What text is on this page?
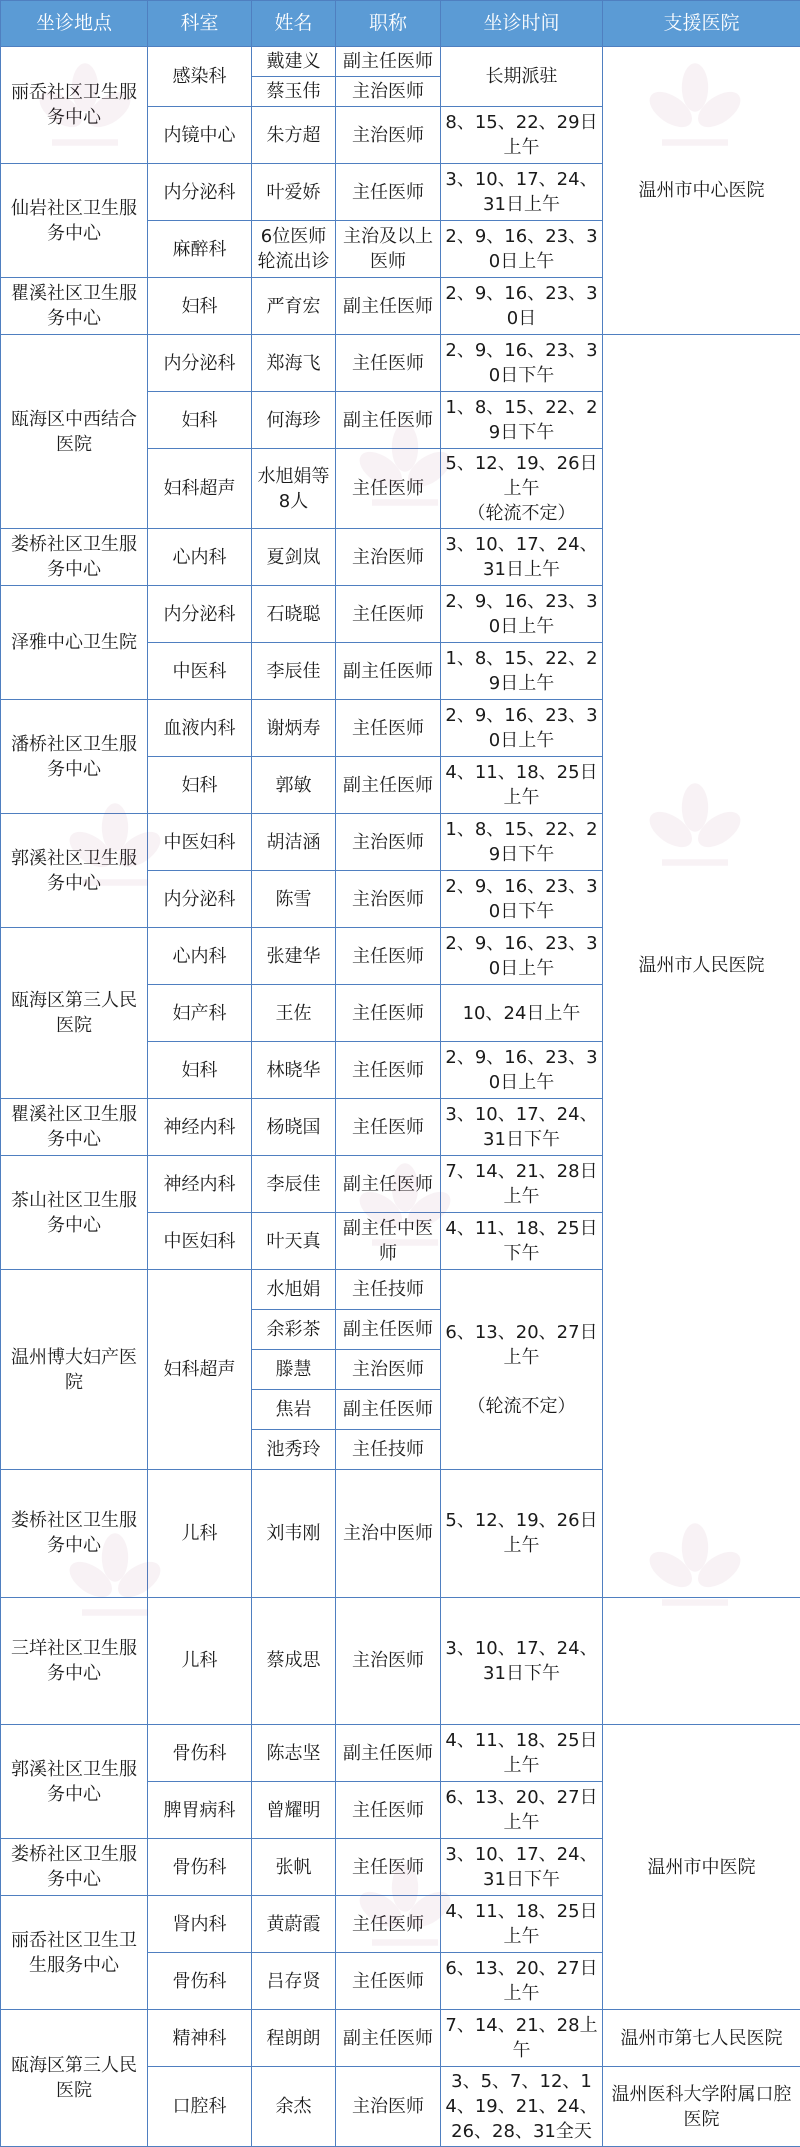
坐诊地点	科室	姓名	职称	坐诊时间	支援医院	
丽岙社区卫生服务中心	感染科	戴建义	副主任医师	长期派驻	温州市中心医院	
		蔡玉伟	主治医师			
	内镜中心	朱方超	主治医师	8、15、22、29日上午		
仙岩社区卫生服务中心	内分泌科	叶爱娇	主任医师	3、10、17、24、31日上午		
	麻醉科	6位医师轮流出诊	主治及以上医师	2、9、16、23、30日上午		
瞿溪社区卫生服务中心	妇科	严育宏	副主任医师	2、9、16、23、30日		
瓯海区中西结合医院	内分泌科	郑海飞	主任医师	2、9、16、23、30日下午	温州市人民医院	
	妇科	何海珍	副主任医师	1、8、15、22、29日下午		
	妇科超声	水旭娟等8人	主任医师	5、12、19、26日上午
（轮流不定）		

娄桥社区卫生服务中心	心内科	夏剑岚	主治医师	3、10、17、24、31日上午		
泽雅中心卫生院	内分泌科	石晓聪	主任医师	2、9、16、23、30日上午		
	中医科	李辰佳	副主任医师	1、8、15、22、29日上午		
潘桥社区卫生服务中心	血液内科	谢炳寿	主任医师	2、9、16、23、30日上午		
	妇科	郭敏	副主任医师	4、11、18、25日上午		
郭溪社区卫生服务中心	中医妇科	胡洁涵	主治医师	1、8、15、22、29日下午		
	内分泌科	陈雪	主治医师	2、9、16、23、30日下午		
瓯海区第三人民医院	心内科	张建华	主任医师	2、9、16、23、30日上午		
	妇产科	王佐	主任医师	10、24日上午		
	妇科	林晓华	主任医师	2、9、16、23、30日上午		
瞿溪社区卫生服务中心	神经内科	杨晓国	主任医师	3、10、17、24、31日下午		
茶山社区卫生服务中心	神经内科	李辰佳	副主任医师	7、14、21、28日上午		
	中医妇科	叶天真	副主任中医师	4、11、18、25日下午		
温州博大妇产医院	妇科超声	水旭娟	主任技师	6、13、20、27日上午
（轮流不定）		

		余彩茶	副主任医师			
		滕慧	主治医师			
		焦岩	副主任医师			
		池秀玲	主任技师			
娄桥社区卫生服务中心	儿科	刘韦刚	主治中医师	5、12、19、26日上午	
三垟社区卫生服务中心	儿科	蔡成思	主治医师	3、10、17、24、31日下午		
郭溪社区卫生服务中心	骨伤科	陈志坚	副主任医师	4、11、18、25日上午	温州市中医院	
	脾胃病科	曾耀明	主任医师	6、13、20、27日上午		
娄桥社区卫生服务中心	骨伤科	张帆	主任医师	3、10、17、24、31日下午		
丽岙社区卫生卫生服务中心	肾内科	黄蔚霞	主任医师	4、11、18、25日上午		
	骨伤科	吕存贤	主任医师	6、13、20、27日上午		
瓯海区第三人民医院	精神科	程朗朗	副主任医师	7、14、21、28上午	温州市第七人民医院	
	口腔科	余杰	主治医师	3、5、7、12、14、19、21、24、26、28、31全天	温州医科大学附属口腔医院	
